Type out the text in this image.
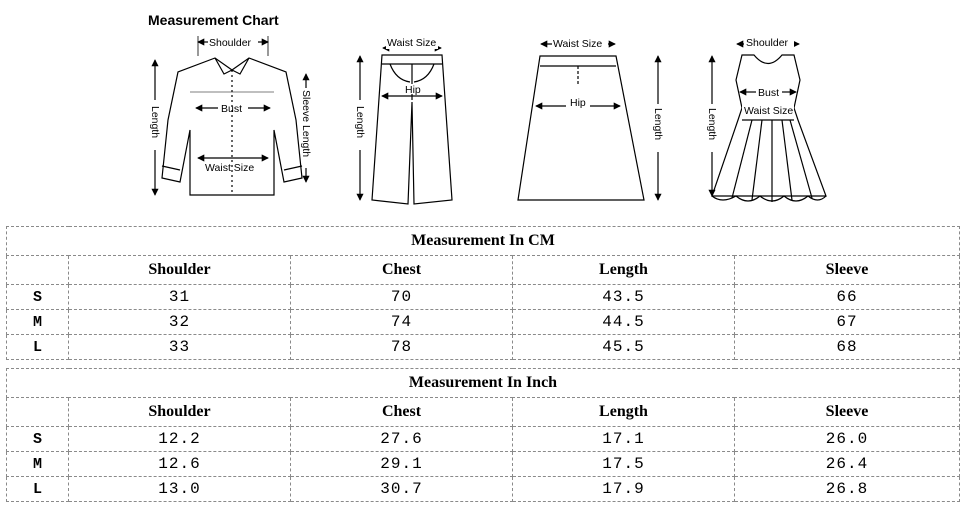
Measurement Chart
Shoulder
Bust
Waist Size
Length	Sleeve Length
Waist Size
Hip
Length
Waist Size
Hip
Length
Shoulder
Bust
Waist Size
Length
Measurement In CM				
	Shoulder	Chest	Length	Sleeve
S	31	70	43.5	66
M	32	74	44.5	67
L	33	78	45.5	68
Measurement In Inch				
	Shoulder	Chest	Length	Sleeve
S	12.2	27.6	17.1	26.0
M	12.6	29.1	17.5	26.4
L	13.0	30.7	17.9	26.8
